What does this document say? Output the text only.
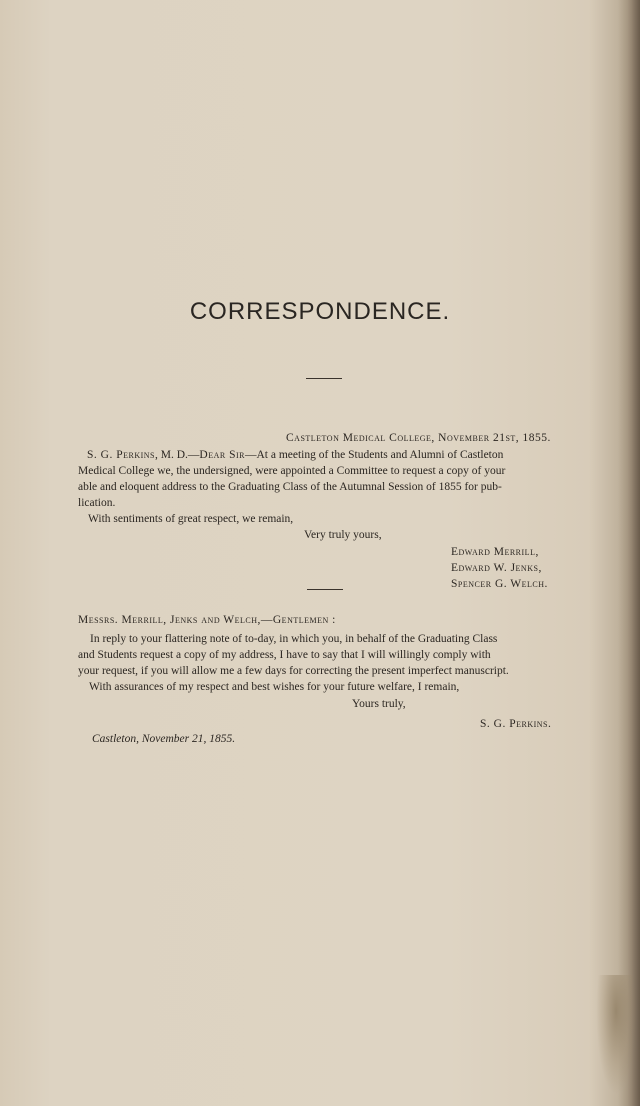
CORRESPONDENCE.
Castleton Medical College, November 21st, 1855.
S. G. Perkins, M. D.—Dear Sir—At a meeting of the Students and Alumni of Castleton
Medical College we, the undersigned, were appointed a Committee to request a copy of your
able and eloquent address to the Graduating Class of the Autumnal Session of 1855 for pub-
lication.
With sentiments of great respect, we remain,
Very truly yours,
Edward Merrill,
Edward W. Jenks,
Spencer G. Welch.
Messrs. Merrill, Jenks and Welch,—Gentlemen :
In reply to your flattering note of to-day, in which you, in behalf of the Graduating Class
and Students request a copy of my address, I have to say that I will willingly comply with
your request, if you will allow me a few days for correcting the present imperfect manuscript.
With assurances of my respect and best wishes for your future welfare, I remain,
Yours truly,
S. G. Perkins.
Castleton, November 21, 1855.
